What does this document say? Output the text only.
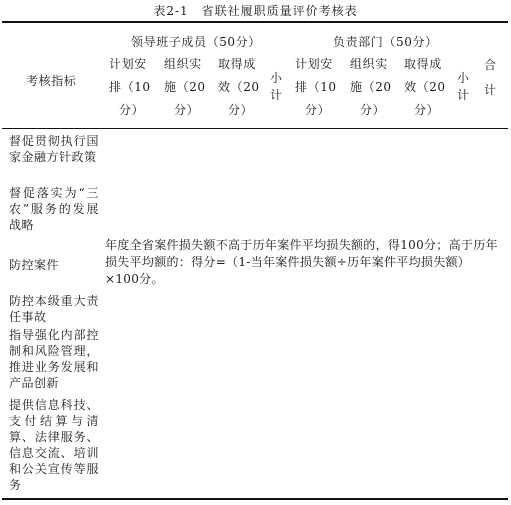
表2-1　省联社履职质量评价考核表
领导班子成员（50分）	负责部门（50分）
考核指标
计划安
排（10
分）
组织实
施（20
分）
取得成
效（20
分）
小计
计划安
排（10
分）
组织实
施（20
分）
取得成
效（20
分）
小计
合计
督促贯彻执行国家金融方针政策
督促落实为“三农”服务的发展战略
防控案件
防控本级重大责任事故
指导强化内部控制和风险管理，推进业务发展和产品创新
提供信息科技、支付结算与清算、法律服务、信息交流、培训和公关宣传等服务
年度全省案件损失额不高于历年案件平均损失额的，得100分；高于历年损失平均额的：得分=（1-当年案件损失额÷历年案件平均损失额）×100分。
